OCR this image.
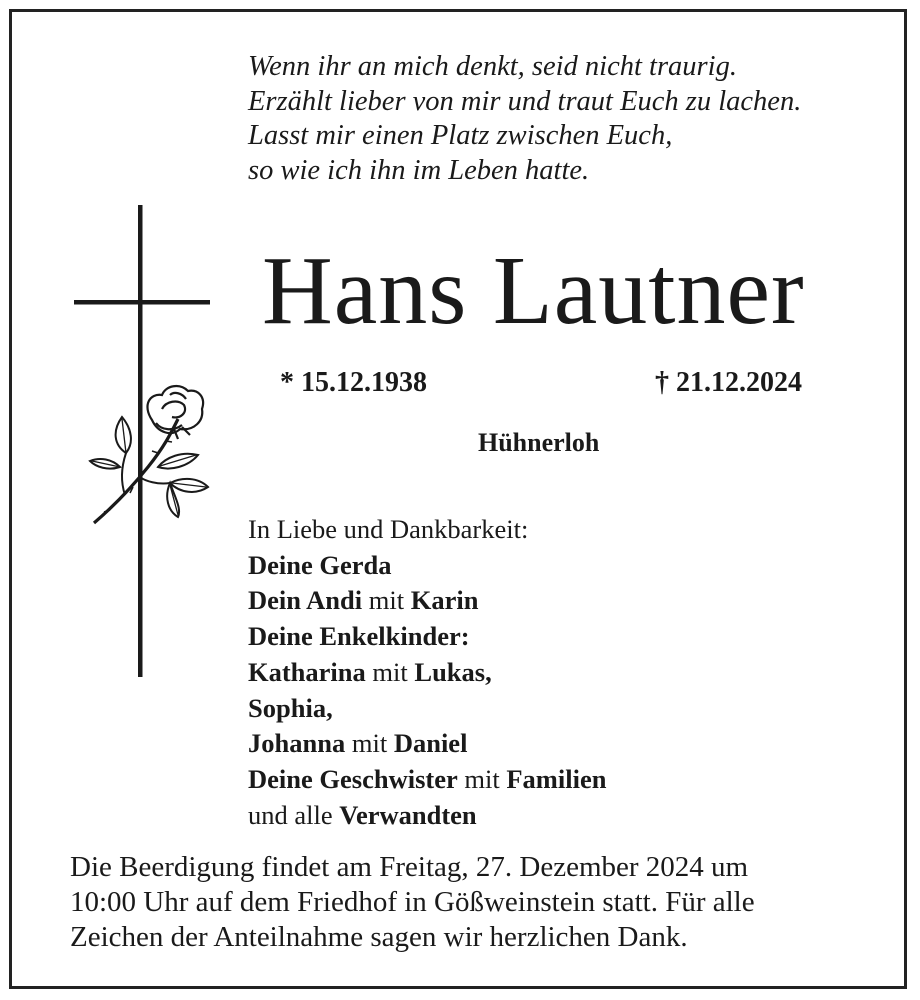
Wenn ihr an mich denkt, seid nicht traurig.
Erzählt lieber von mir und traut Euch zu lachen.
Lasst mir einen Platz zwischen Euch,
so wie ich ihn im Leben hatte.
Hans Lautner
* 15.12.1938	† 21.12.2024
Hühnerloh
In Liebe und Dankbarkeit:
Deine Gerda
Dein Andi mit Karin
Deine Enkelkinder:
Katharina mit Lukas,
Sophia,
Johanna mit Daniel
Deine Geschwister mit Familien
und alle Verwandten
Die Beerdigung findet am Freitag, 27. Dezember 2024 um
10:00 Uhr auf dem Friedhof in Gößweinstein statt. Für alle
Zeichen der Anteilnahme sagen wir herzlichen Dank.
